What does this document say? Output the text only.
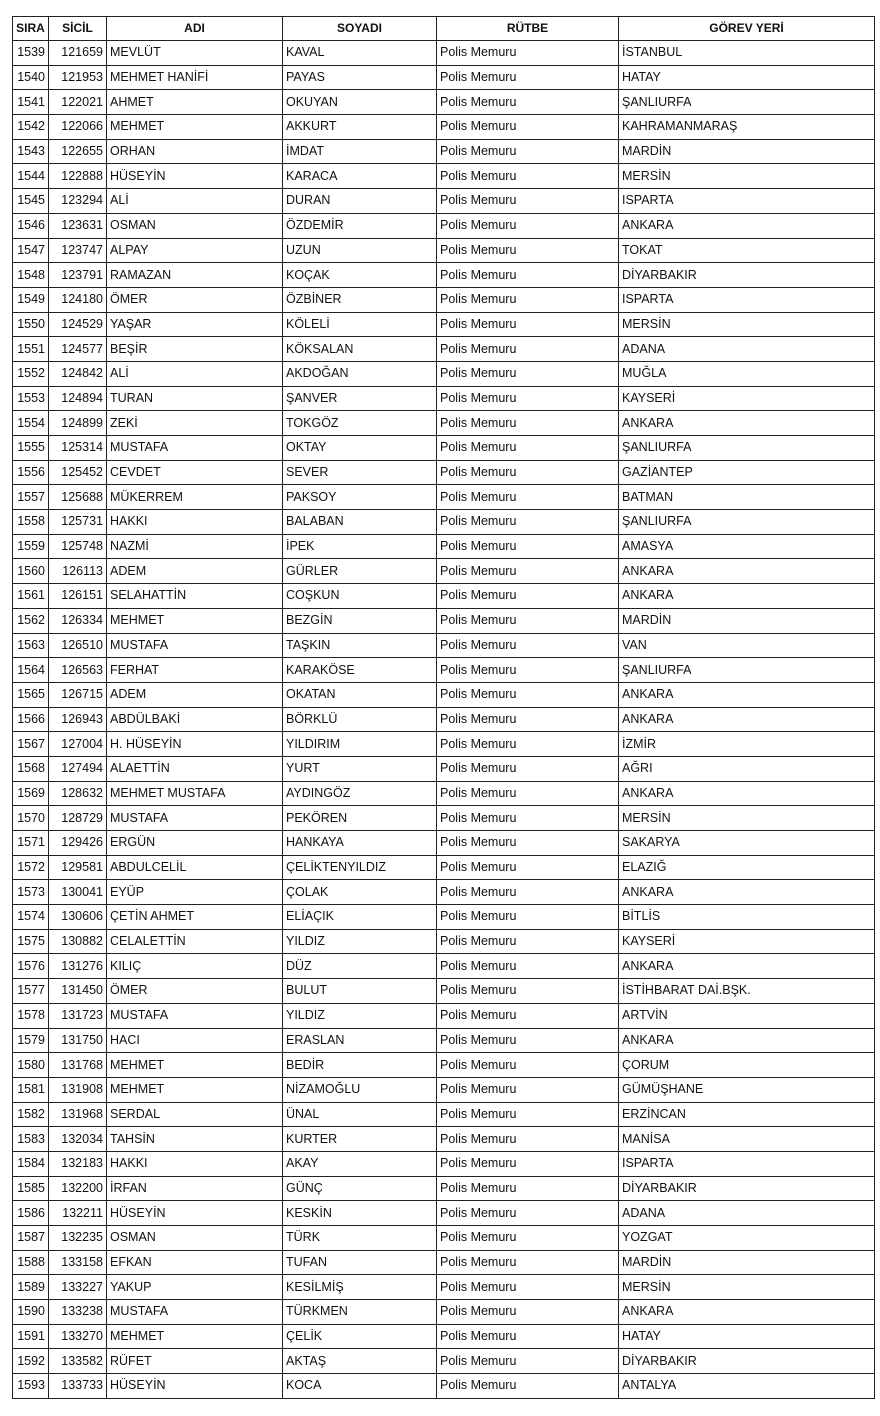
SIRA	SİCİL	ADI	SOYADI	RÜTBE	GÖREV YERİ
1539	121659	MEVLÜT	KAVAL	Polis Memuru	İSTANBUL
1540	121953	MEHMET HANİFİ	PAYAS	Polis Memuru	HATAY
1541	122021	AHMET	OKUYAN	Polis Memuru	ŞANLIURFA
1542	122066	MEHMET	AKKURT	Polis Memuru	KAHRAMANMARAŞ
1543	122655	ORHAN	İMDAT	Polis Memuru	MARDİN
1544	122888	HÜSEYİN	KARACA	Polis Memuru	MERSİN
1545	123294	ALİ	DURAN	Polis Memuru	ISPARTA
1546	123631	OSMAN	ÖZDEMİR	Polis Memuru	ANKARA
1547	123747	ALPAY	UZUN	Polis Memuru	TOKAT
1548	123791	RAMAZAN	KOÇAK	Polis Memuru	DİYARBAKIR
1549	124180	ÖMER	ÖZBİNER	Polis Memuru	ISPARTA
1550	124529	YAŞAR	KÖLELİ	Polis Memuru	MERSİN
1551	124577	BEŞİR	KÖKSALAN	Polis Memuru	ADANA
1552	124842	ALİ	AKDOĞAN	Polis Memuru	MUĞLA
1553	124894	TURAN	ŞANVER	Polis Memuru	KAYSERİ
1554	124899	ZEKİ	TOKGÖZ	Polis Memuru	ANKARA
1555	125314	MUSTAFA	OKTAY	Polis Memuru	ŞANLIURFA
1556	125452	CEVDET	SEVER	Polis Memuru	GAZİANTEP
1557	125688	MÜKERREM	PAKSOY	Polis Memuru	BATMAN
1558	125731	HAKKI	BALABAN	Polis Memuru	ŞANLIURFA
1559	125748	NAZMİ	İPEK	Polis Memuru	AMASYA
1560	126113	ADEM	GÜRLER	Polis Memuru	ANKARA
1561	126151	SELAHATTİN	COŞKUN	Polis Memuru	ANKARA
1562	126334	MEHMET	BEZGİN	Polis Memuru	MARDİN
1563	126510	MUSTAFA	TAŞKIN	Polis Memuru	VAN
1564	126563	FERHAT	KARAKÖSE	Polis Memuru	ŞANLIURFA
1565	126715	ADEM	OKATAN	Polis Memuru	ANKARA
1566	126943	ABDÜLBAKİ	BÖRKLÜ	Polis Memuru	ANKARA
1567	127004	H. HÜSEYİN	YILDIRIM	Polis Memuru	İZMİR
1568	127494	ALAETTİN	YURT	Polis Memuru	AĞRI
1569	128632	MEHMET MUSTAFA	AYDINGÖZ	Polis Memuru	ANKARA
1570	128729	MUSTAFA	PEKÖREN	Polis Memuru	MERSİN
1571	129426	ERGÜN	HANKAYA	Polis Memuru	SAKARYA
1572	129581	ABDULCELİL	ÇELİKTENYILDIZ	Polis Memuru	ELAZIĞ
1573	130041	EYÜP	ÇOLAK	Polis Memuru	ANKARA
1574	130606	ÇETİN AHMET	ELİAÇIK	Polis Memuru	BİTLİS
1575	130882	CELALETTİN	YILDIZ	Polis Memuru	KAYSERİ
1576	131276	KILIÇ	DÜZ	Polis Memuru	ANKARA
1577	131450	ÖMER	BULUT	Polis Memuru	İSTİHBARAT DAİ.BŞK.
1578	131723	MUSTAFA	YILDIZ	Polis Memuru	ARTVİN
1579	131750	HACI	ERASLAN	Polis Memuru	ANKARA
1580	131768	MEHMET	BEDİR	Polis Memuru	ÇORUM
1581	131908	MEHMET	NİZAMOĞLU	Polis Memuru	GÜMÜŞHANE
1582	131968	SERDAL	ÜNAL	Polis Memuru	ERZİNCAN
1583	132034	TAHSİN	KURTER	Polis Memuru	MANİSA
1584	132183	HAKKI	AKAY	Polis Memuru	ISPARTA
1585	132200	İRFAN	GÜNÇ	Polis Memuru	DİYARBAKIR
1586	132211	HÜSEYİN	KESKİN	Polis Memuru	ADANA
1587	132235	OSMAN	TÜRK	Polis Memuru	YOZGAT
1588	133158	EFKAN	TUFAN	Polis Memuru	MARDİN
1589	133227	YAKUP	KESİLMİŞ	Polis Memuru	MERSİN
1590	133238	MUSTAFA	TÜRKMEN	Polis Memuru	ANKARA
1591	133270	MEHMET	ÇELİK	Polis Memuru	HATAY
1592	133582	RÜFET	AKTAŞ	Polis Memuru	DİYARBAKIR
1593	133733	HÜSEYİN	KOCA	Polis Memuru	ANTALYA
